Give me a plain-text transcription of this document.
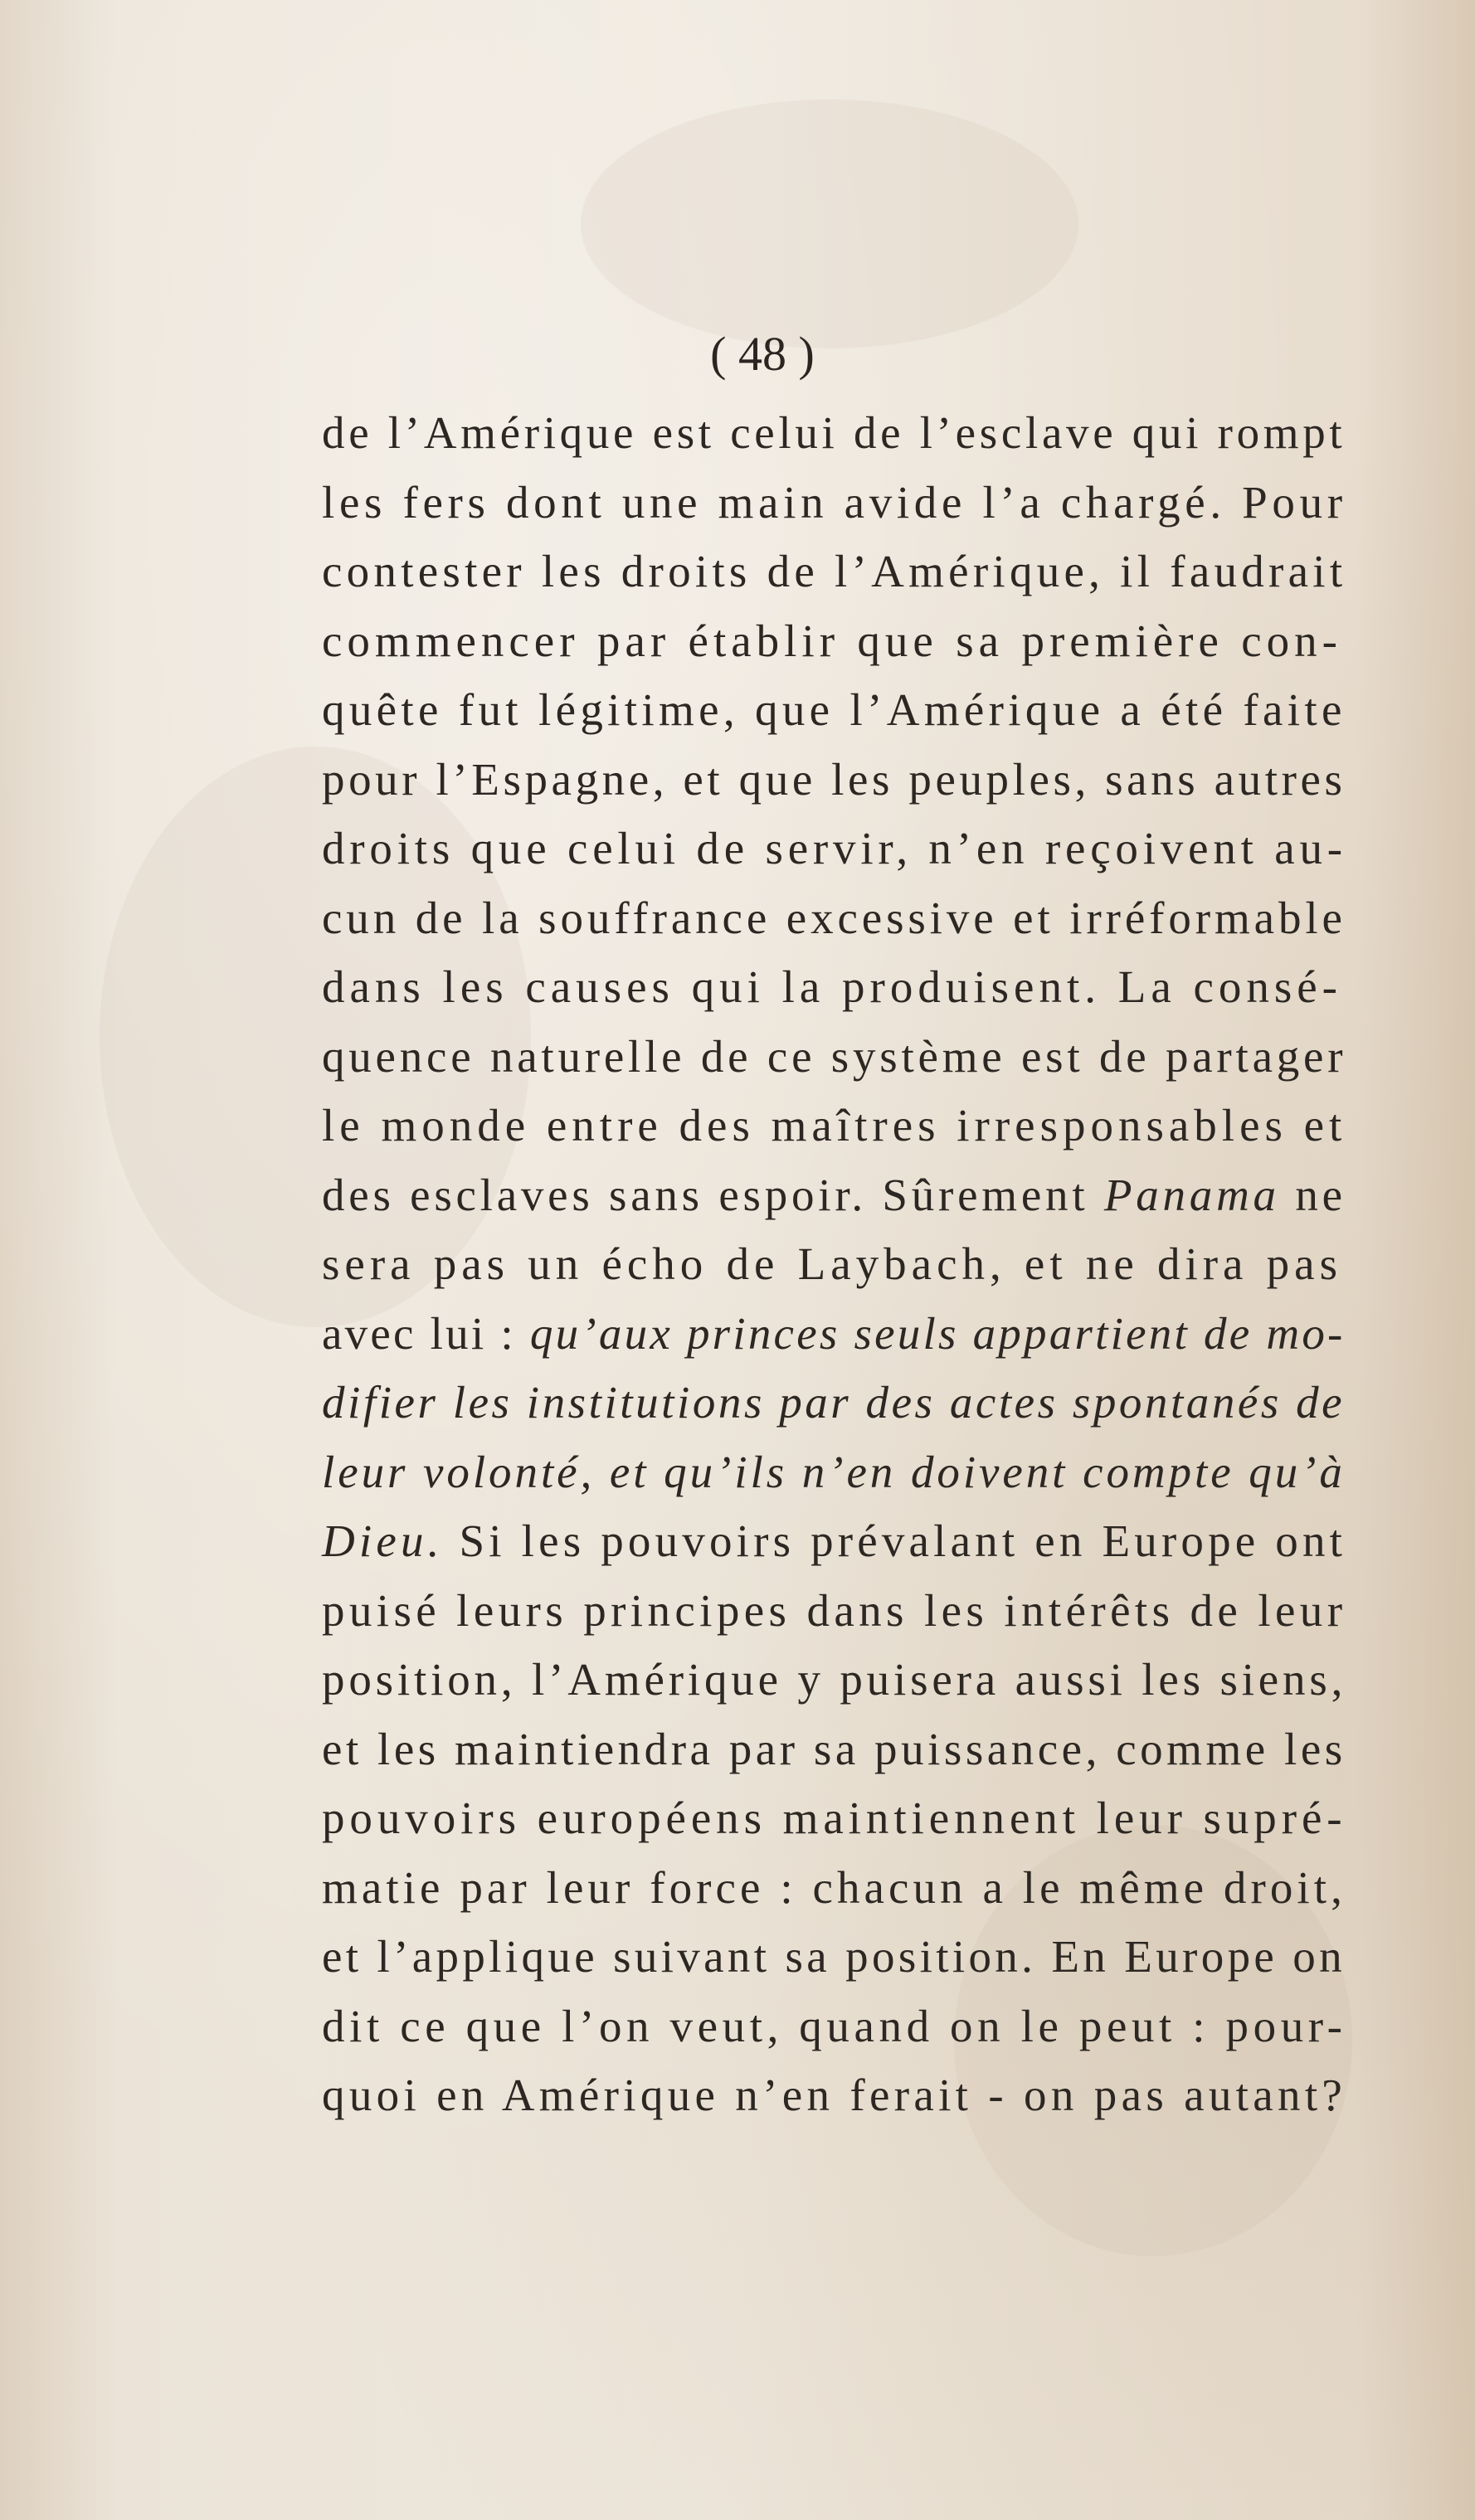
( 48 )
de l’Amérique est celui de l’esclave qui rompt
les fers dont une main avide l’a chargé. Pour
contester les droits de l’Amérique, il faudrait
commencer par établir que sa première con-
quête fut légitime, que l’Amérique a été faite
pour l’Espagne, et que les peuples, sans autres
droits que celui de servir, n’en reçoivent au-
cun de la souffrance excessive et irréformable
dans les causes qui la produisent. La consé-
quence naturelle de ce système est de partager
le monde entre des maîtres irresponsables et
des esclaves sans espoir. Sûrement Panama ne
sera pas un écho de Laybach, et ne dira pas
avec lui : qu’aux princes seuls appartient de mo-
difier les institutions par des actes spontanés de
leur volonté, et qu’ils n’en doivent compte qu’à
Dieu. Si les pouvoirs prévalant en Europe ont
puisé leurs principes dans les intérêts de leur
position, l’Amérique y puisera aussi les siens,
et les maintiendra par sa puissance, comme les
pouvoirs européens maintiennent leur supré-
matie par leur force : chacun a le même droit,
et l’applique suivant sa position. En Europe on
dit ce que l’on veut, quand on le peut : pour-
quoi en Amérique n’en ferait - on pas autant?
